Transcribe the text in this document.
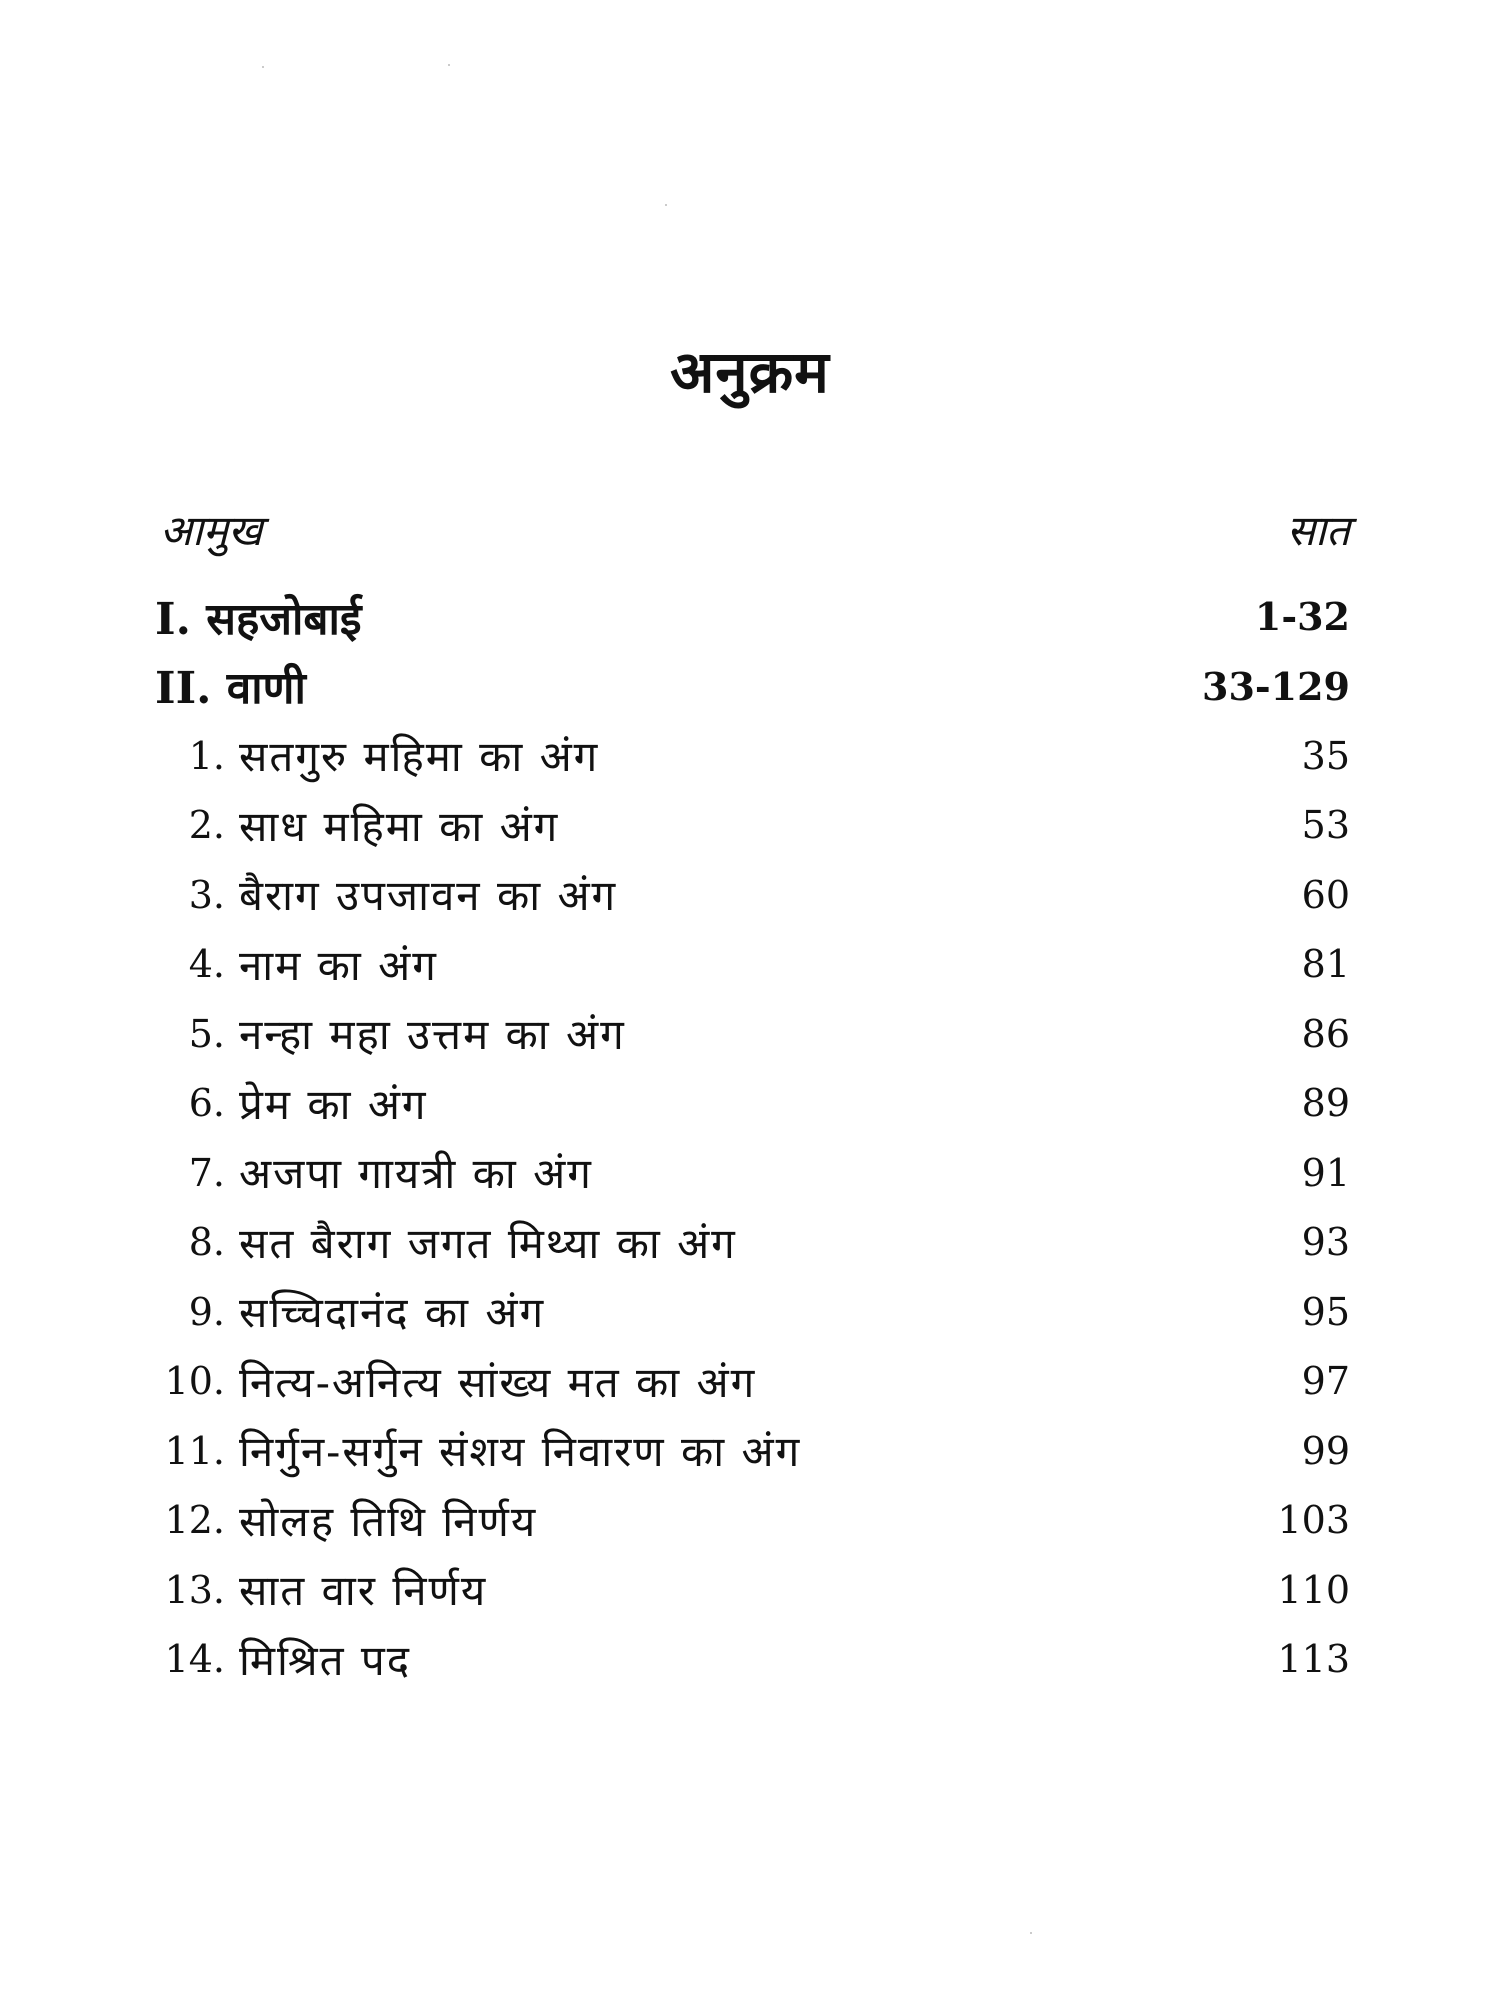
अनुक्रम
आमुख	सात
I. सहजोबाई	1-32
II. वाणी	33-129
1. सतगुरु महिमा का अंग	35
2. साध महिमा का अंग	53
3. बैराग उपजावन का अंग	60
4. नाम का अंग	81
5. नन्हा महा उत्तम का अंग	86
6. प्रेम का अंग	89
7. अजपा गायत्री का अंग	91
8. सत बैराग जगत मिथ्या का अंग	93
9. सच्चिदानंद का अंग	95
10. नित्य-अनित्य सांख्य मत का अंग	97
11. निर्गुन-सर्गुन संशय निवारण का अंग	99
12. सोलह तिथि निर्णय	103
13. सात वार निर्णय	110
14. मिश्रित पद	113
